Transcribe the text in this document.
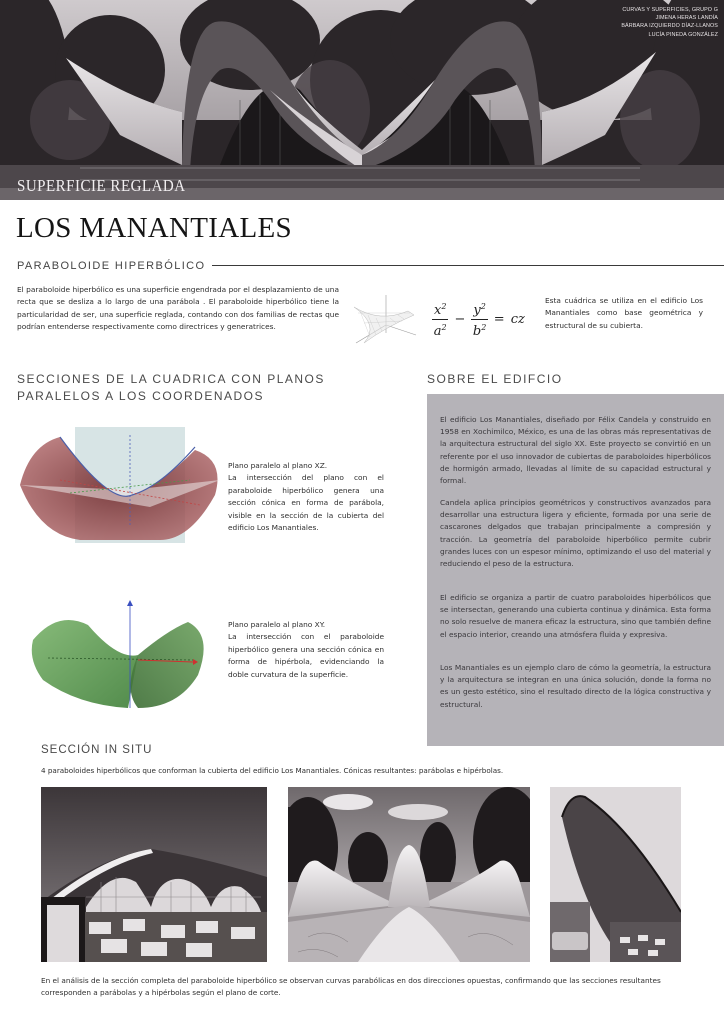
CURVAS Y SUPERFICIES, GRUPO G
JIMENA HERAS LANDÍA
BÁRBARA IZQUIERDO DÍAZ-LLANOS
LUCÍA PINEDA GONZÁLEZ
SUPERFICIE REGLADA
LOS MANANTIALES
PARABOLOIDE HIPERBÓLICO

El paraboloide hiperbólico es una superficie engendrada por el desplazamiento de una recta que se desliza a lo largo de una parábola . El paraboloide hiperbólico tiene la particularidad de ser, una superficie reglada, contando con dos familias de rectas que podrían entenderse respectivamente como directrices y generatrices.	$\frac{x^2}{a^2} - \frac{y^2}{b^2}$ = cz

Esta cuádrica se utiliza en el edificio Los Manantiales como base geométrica y estructural de su cubierta.

SECCIONES DE LA CUADRICA CON PLANOS
PARALELOS A LOS COORDENADOS
Plano paralelo al plano XZ.
La intersección del plano con el paraboloide hiperbólico genera una sección cónica en forma de parábola, visible en la sección de la cubierta del edificio Los Manantiales.
Plano paralelo al plano XY.
La intersección con el paraboloide hiperbólico genera una sección cónica en forma de hipérbola, evidenciando la doble curvatura de la superficie.
SOBRE EL EDIFCIO
El edificio Los Manantiales, diseñado por Félix Candela y construido en 1958 en Xochimilco, México, es una de las obras más representativas de la arquitectura estructural del siglo XX. Este proyecto se convirtió en un referente por el uso innovador de cubiertas de paraboloides hiperbólicos de hormigón armado, llevadas al límite de su capacidad estructural y formal.
Candela aplica principios geométricos y constructivos avanzados para desarrollar una estructura ligera y eficiente, formada por una serie de cascarones delgados que trabajan principalmente a compresión y tracción. La geometría del paraboloide hiperbólico permite cubrir grandes luces con un espesor mínimo, optimizando el uso del material y reduciendo el peso de la estructura.
El edificio se organiza a partir de cuatro paraboloides hiperbólicos que se intersectan, generando una cubierta continua y dinámica. Esta forma no solo resuelve de manera eficaz la estructura, sino que también define el espacio interior, creando una atmósfera fluida y expresiva.
Los Manantiales es un ejemplo claro de cómo la geometría, la estructura y la arquitectura se integran en una única solución, donde la forma no es un gesto estético, sino el resultado directo de la lógica constructiva y estructural.
SECCIÓN IN SITU
4 paraboloides hiperbólicos que conforman la cubierta del edificio Los Manantiales. Cónicas resultantes: parábolas e hipérbolas.
En el análisis de la sección completa del paraboloide hiperbólico se observan curvas parabólicas en dos direcciones opuestas, confirmando que las secciones resultantes corresponden a parábolas y a hipérbolas según el plano de corte.
